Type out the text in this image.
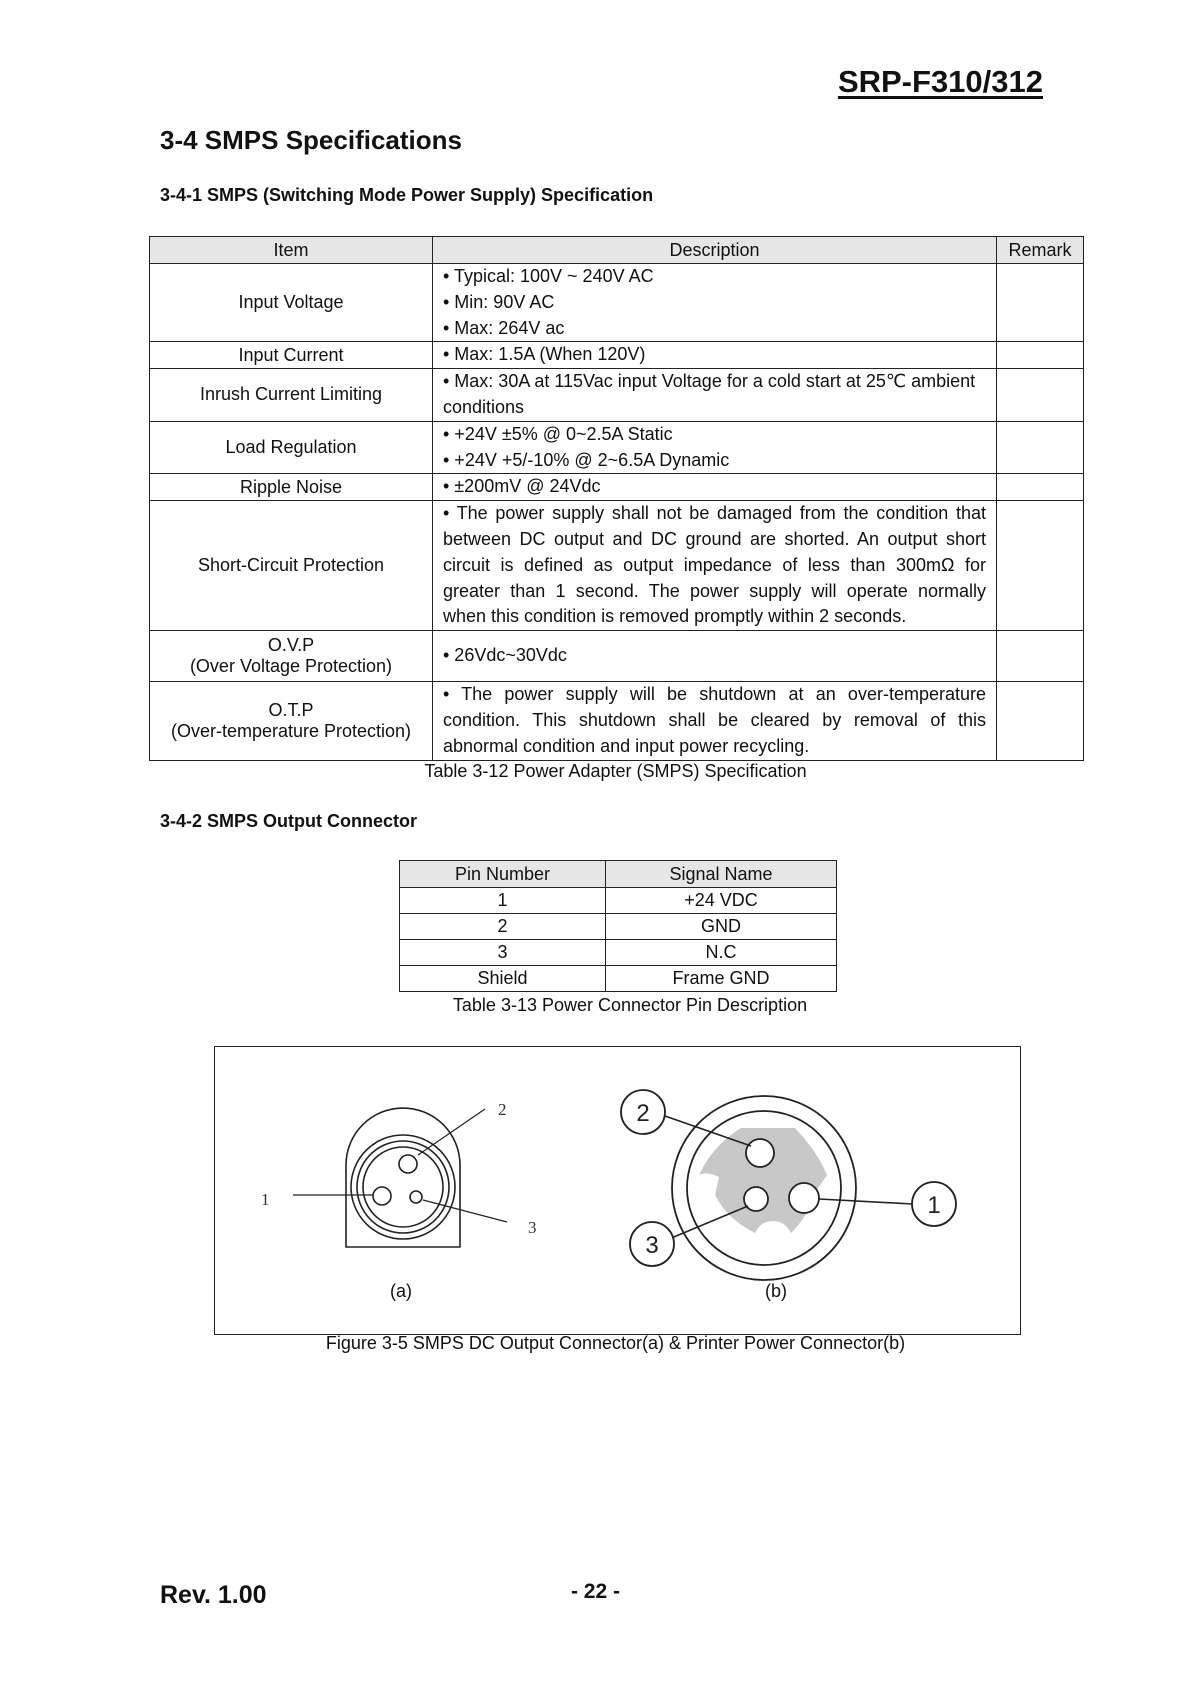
SRP-F310/312
3-4 SMPS Specifications
3-4-1 SMPS (Switching Mode Power Supply) Specification
Item	Description	Remark
Input Voltage	• Typical: 100V ~ 240V AC
• Min: 90V AC
• Max: 264V ac	

Input Current	• Max: 1.5A (When 120V)	

Inrush Current Limiting	• Max: 30A at 115Vac input Voltage for a cold start at 25℃ ambient conditions	

Load Regulation	• +24V ±5% @ 0~2.5A Static
• +24V +5/-10% @ 2~6.5A Dynamic	

Ripple Noise	• ±200mV @ 24Vdc	

Short-Circuit Protection	• The power supply shall not be damaged from the condition that between DC output and DC ground are shorted. An output short circuit is defined as output impedance of less than 300mΩ for greater than 1 second. The power supply will operate normally when this condition is removed promptly within 2 seconds.	

O.V.P
(Over Voltage Protection)	• 26Vdc~30Vdc	

O.T.P
(Over-temperature Protection)	• The power supply will be shutdown at an over-temperature condition. This shutdown shall be cleared by removal of this abnormal condition and input power recycling.	

Table 3-12 Power Adapter (SMPS) Specification
3-4-2 SMPS Output Connector
Pin Number	Signal Name
1	+24 VDC
2	GND
3	N.C
Shield	Frame GND
Table 3-13 Power Connector Pin Description
1
2
3
1
2
3
(a)	(b)
Figure 3-5 SMPS DC Output Connector(a) & Printer Power Connector(b)
Rev. 1.00	- 22 -
